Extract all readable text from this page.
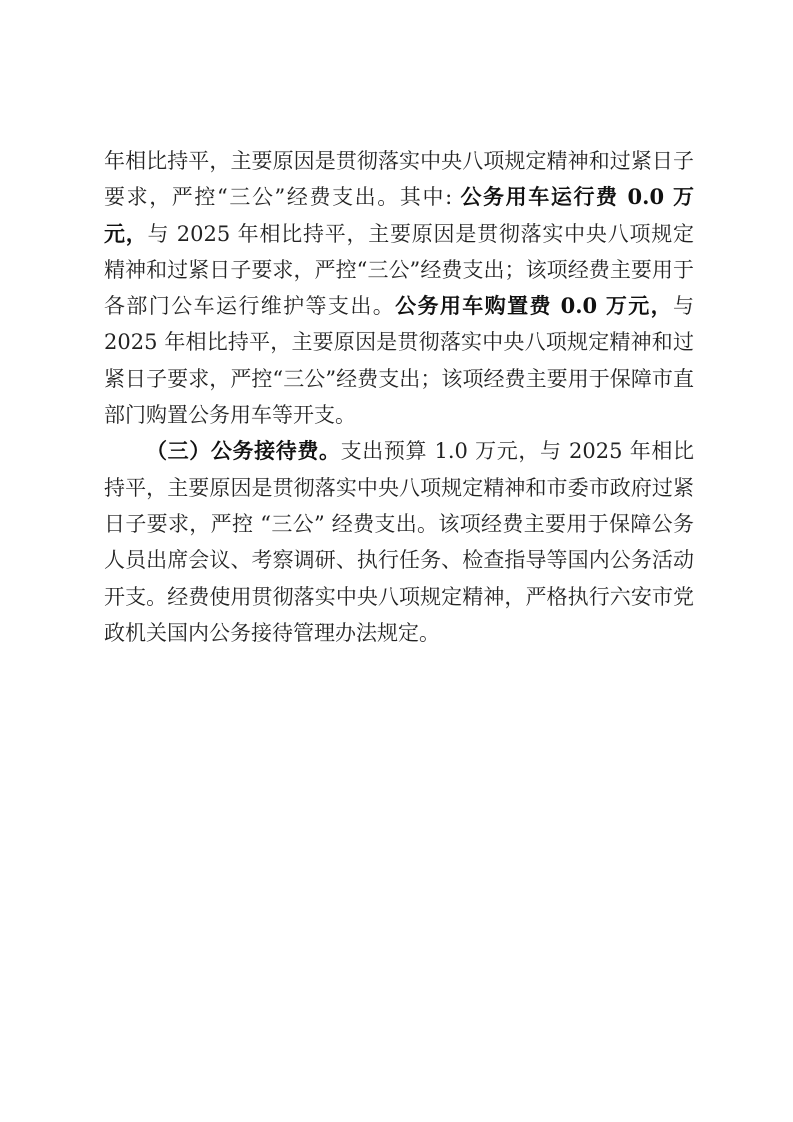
年相比持平，主要原因是贯彻落实中央八项规定精神和过紧日子要求，严控“三公”经费支出。其中: 公务用车运行费 0.0 万元，与 2025 年相比持平，主要原因是贯彻落实中央八项规定精神和过紧日子要求，严控“三公”经费支出；该项经费主要用于各部门公车运行维护等支出。公务用车购置费 0.0 万元，与 2025 年相比持平，主要原因是贯彻落实中央八项规定精神和过紧日子要求，严控“三公”经费支出；该项经费主要用于保障市直部门购置公务用车等开支。

（三）公务接待费。支出预算 1.0 万元，与 2025 年相比持平，主要原因是贯彻落实中央八项规定精神和市委市政府过紧日子要求，严控 “三公” 经费支出。该项经费主要用于保障公务人员出席会议、考察调研、执行任务、检查指导等国内公务活动开支。经费使用贯彻落实中央八项规定精神，严格执行六安市党政机关国内公务接待管理办法规定。
